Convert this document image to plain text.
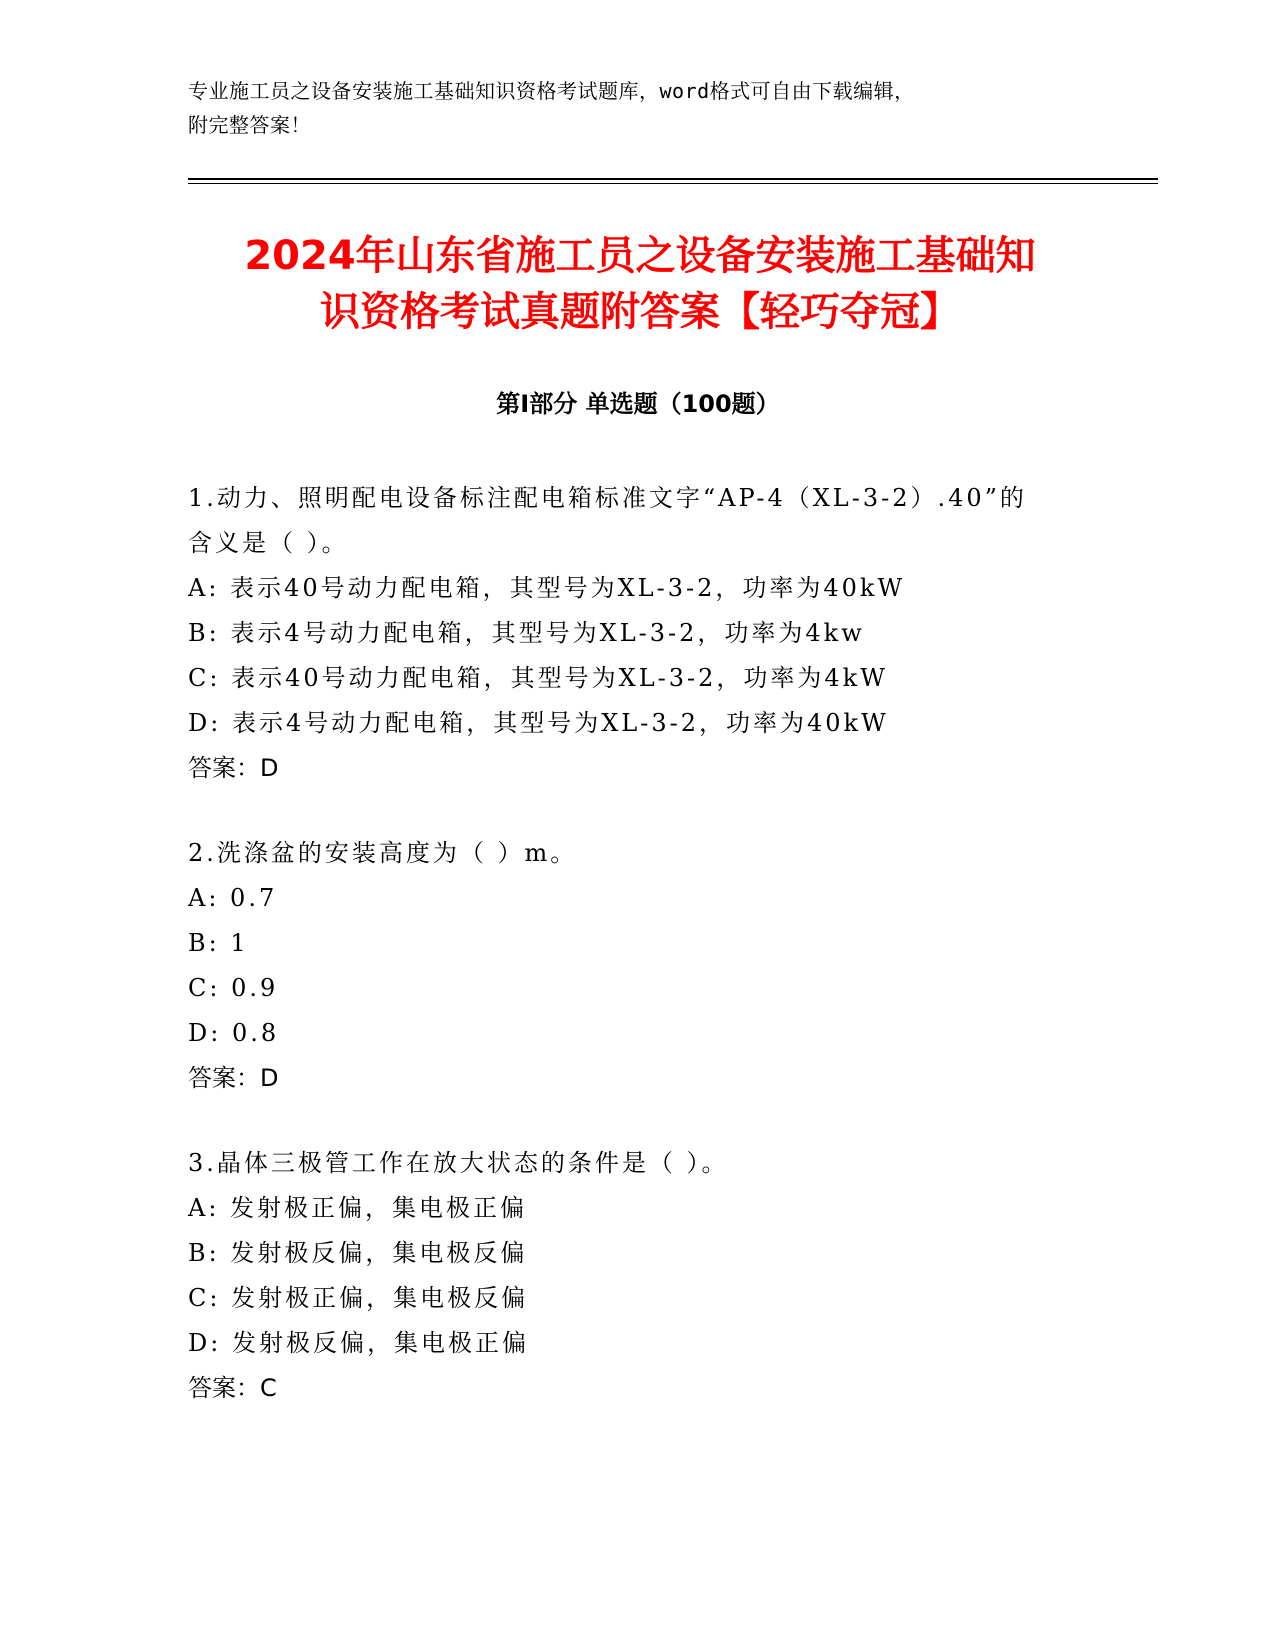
专业施工员之设备安装施工基础知识资格考试题库，word格式可自由下载编辑，
附完整答案！
2024年山东省施工员之设备安装施工基础知
识资格考试真题附答案【轻巧夺冠】
第Ⅰ部分 单选题（100题）

1.动力、照明配电设备标注配电箱标准文字“AP-4（XL-3-2）.40”的

含义是（ ）。

A: 表示40号动力配电箱，其型号为XL-3-2，功率为40kW
B: 表示4号动力配电箱，其型号为XL-3-2，功率为4kw
C: 表示40号动力配电箱，其型号为XL-3-2，功率为4kW
D: 表示4号动力配电箱，其型号为XL-3-2，功率为40kW

答案：D

2.洗涤盆的安装高度为（ ）m。

A: 0.7
B: 1
C: 0.9
D: 0.8

答案：D

3.晶体三极管工作在放大状态的条件是（ ）。

A: 发射极正偏，集电极正偏
B: 发射极反偏，集电极反偏
C: 发射极正偏，集电极反偏
D: 发射极反偏，集电极正偏

答案：C
